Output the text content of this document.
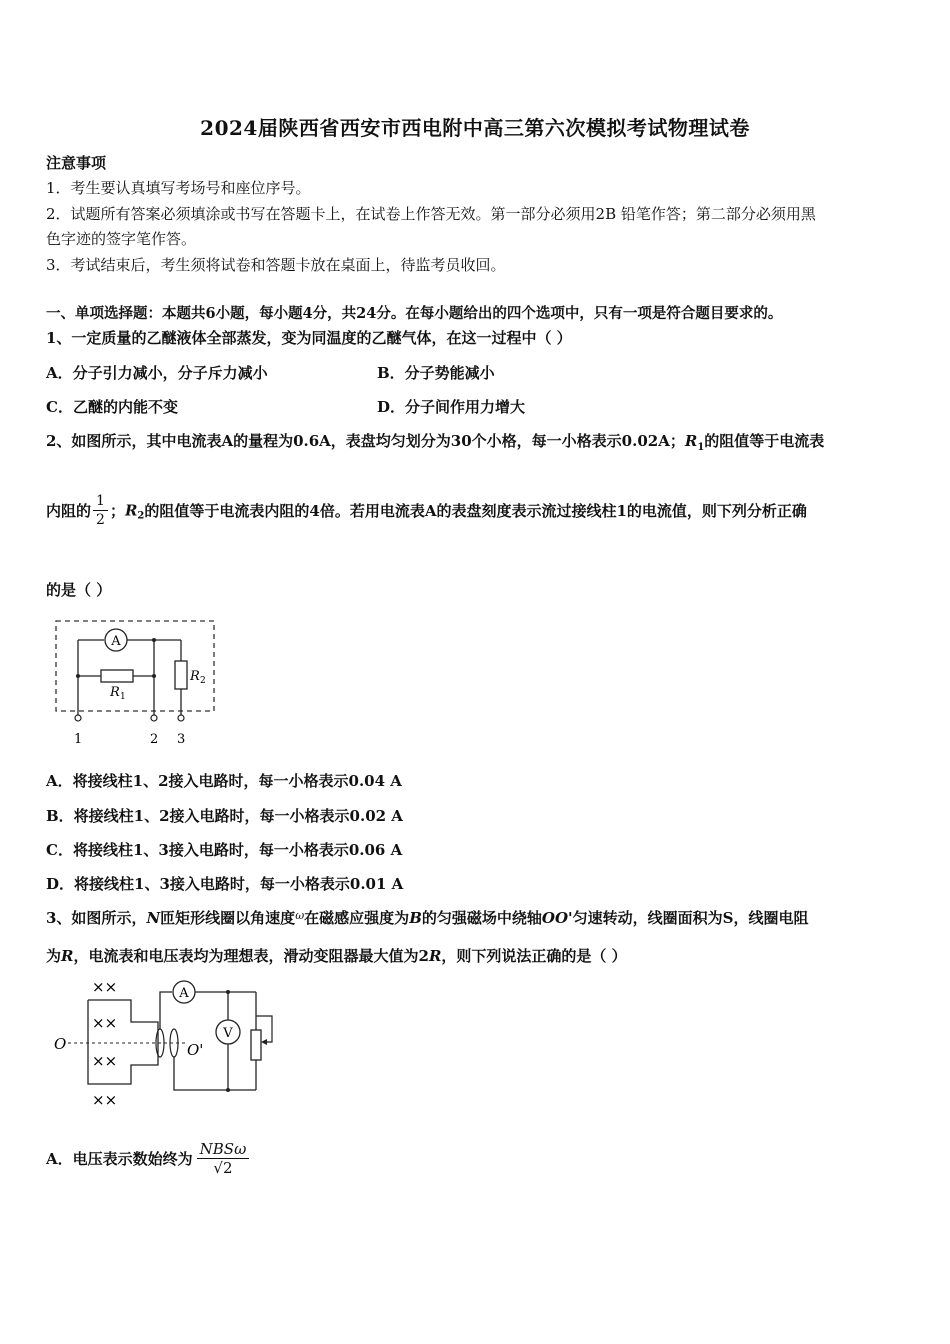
2024届陕西省西安市西电附中高三第六次模拟考试物理试卷
注意事项
1．考生要认真填写考场号和座位序号。
2．试题所有答案必须填涂或书写在答题卡上，在试卷上作答无效。第一部分必须用2B 铅笔作答；第二部分必须用黑
色字迹的签字笔作答。
3．考试结束后，考生须将试卷和答题卡放在桌面上，待监考员收回。
一、单项选择题：本题共6小题，每小题4分，共24分。在每小题给出的四个选项中，只有一项是符合题目要求的。
1、一定质量的乙醚液体全部蒸发，变为同温度的乙醚气体，在这一过程中（ ）
A．分子引力减小，分子斥力减小	B．分子势能减小
C．乙醚的内能不变	D．分子间作用力增大
2、如图所示，其中电流表A的量程为0.6A，表盘均匀划分为30个小格，每一小格表示0.02A；$R_1$的阻值等于电流表
内阻的 $\frac{1}{2}$ ；$R_2$的阻值等于电流表内阻的4倍。若用电流表A的表盘刻度表示流过接线柱1的电流值，则下列分析正确
的是（ ）
A
R 1
R 2
1	2 3
A．将接线柱1、2接入电路时，每一小格表示0.04 A
B．将接线柱1、2接入电路时，每一小格表示0.02 A
C．将接线柱1、3接入电路时，每一小格表示0.06 A
D．将接线柱1、3接入电路时，每一小格表示0.01 A
3、如图所示，N匝矩形线圈以角速度$^\omega$在磁感应强度为B的匀强磁场中绕轴OO'匀速转动，线圈面积为S，线圈电阻
为R，电流表和电压表均为理想表，滑动变阻器最大值为2R，则下列说法正确的是（ ）
××
××
××
××
O	O'
A
V
A．电压表示数始终为 $\frac{\text{NBSω}}{√2}$
